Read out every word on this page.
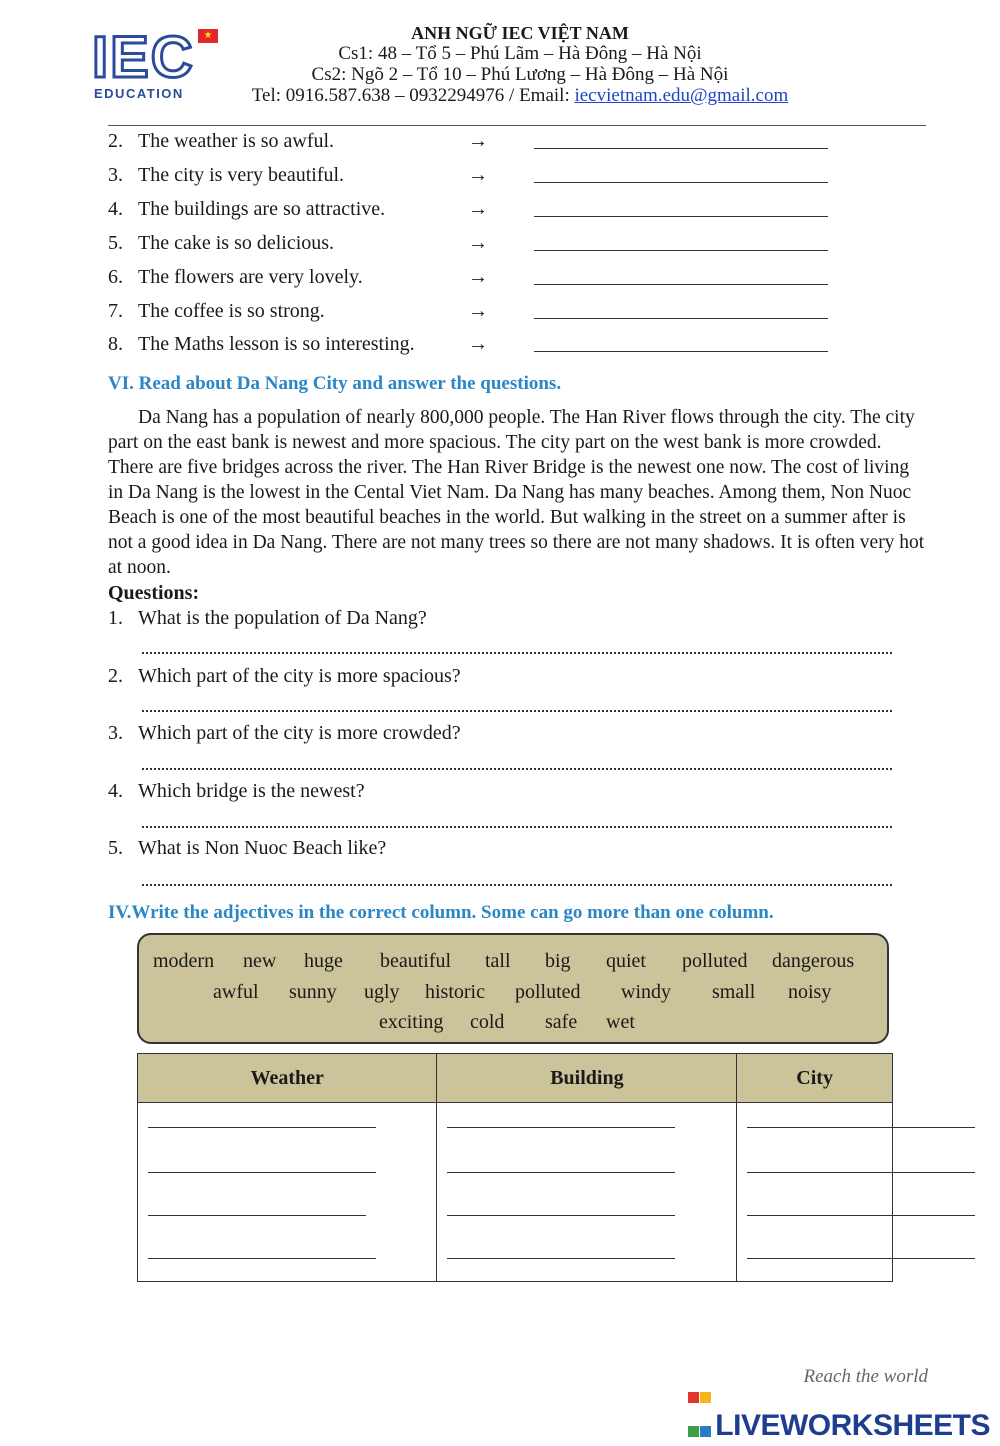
IEC
EDUCATION
★	ANH NGỮ IEC VIỆT NAM
Cs1: 48 – Tổ 5 – Phú Lãm – Hà Đông – Hà Nội
Cs2: Ngõ 2 – Tổ 10 – Phú Lương – Hà Đông – Hà Nội
Tel: 0916.587.638 – 0932294976 / Email: iecvietnam.edu@gmail.com
2. The weather is so awful.	→
3. The city is very beautiful.	→
4. The buildings are so attractive.	→
5. The cake is so delicious.	→
6. The flowers are very lovely.	→
7. The coffee is so strong.	→
8. The Maths lesson is so interesting.	→
VI. Read about Da Nang City and answer the questions.
Da Nang has a population of nearly 800,000 people. The Han River flows through the city. The city part on the east bank is newest and more spacious. The city part on the west bank is more crowded. There are five bridges across the river. The Han River Bridge is the newest one now. The cost of living in Da Nang is the lowest in the Cental Viet Nam. Da Nang has many beaches. Among them, Non Nuoc Beach is one of the most beautiful beaches in the world. But walking in the street on a summer after is not a good idea in Da Nang. There are not many trees so there are not many shadows. It is often very hot at noon.
Questions:
1. What is the population of Da Nang?
2. Which part of the city is more spacious?
3. Which part of the city is more crowded?
4. Which bridge is the newest?
5. What is Non Nuoc Beach like?
IV.Write the adjectives in the correct column. Some can go more than one column.
modern new huge beautiful tall big quiet polluted dangerous
awful sunny ugly historic polluted windy small noisy
exciting cold safe wet
Weather	Building	City

Reach the world
LIVEWORKSHEETS
